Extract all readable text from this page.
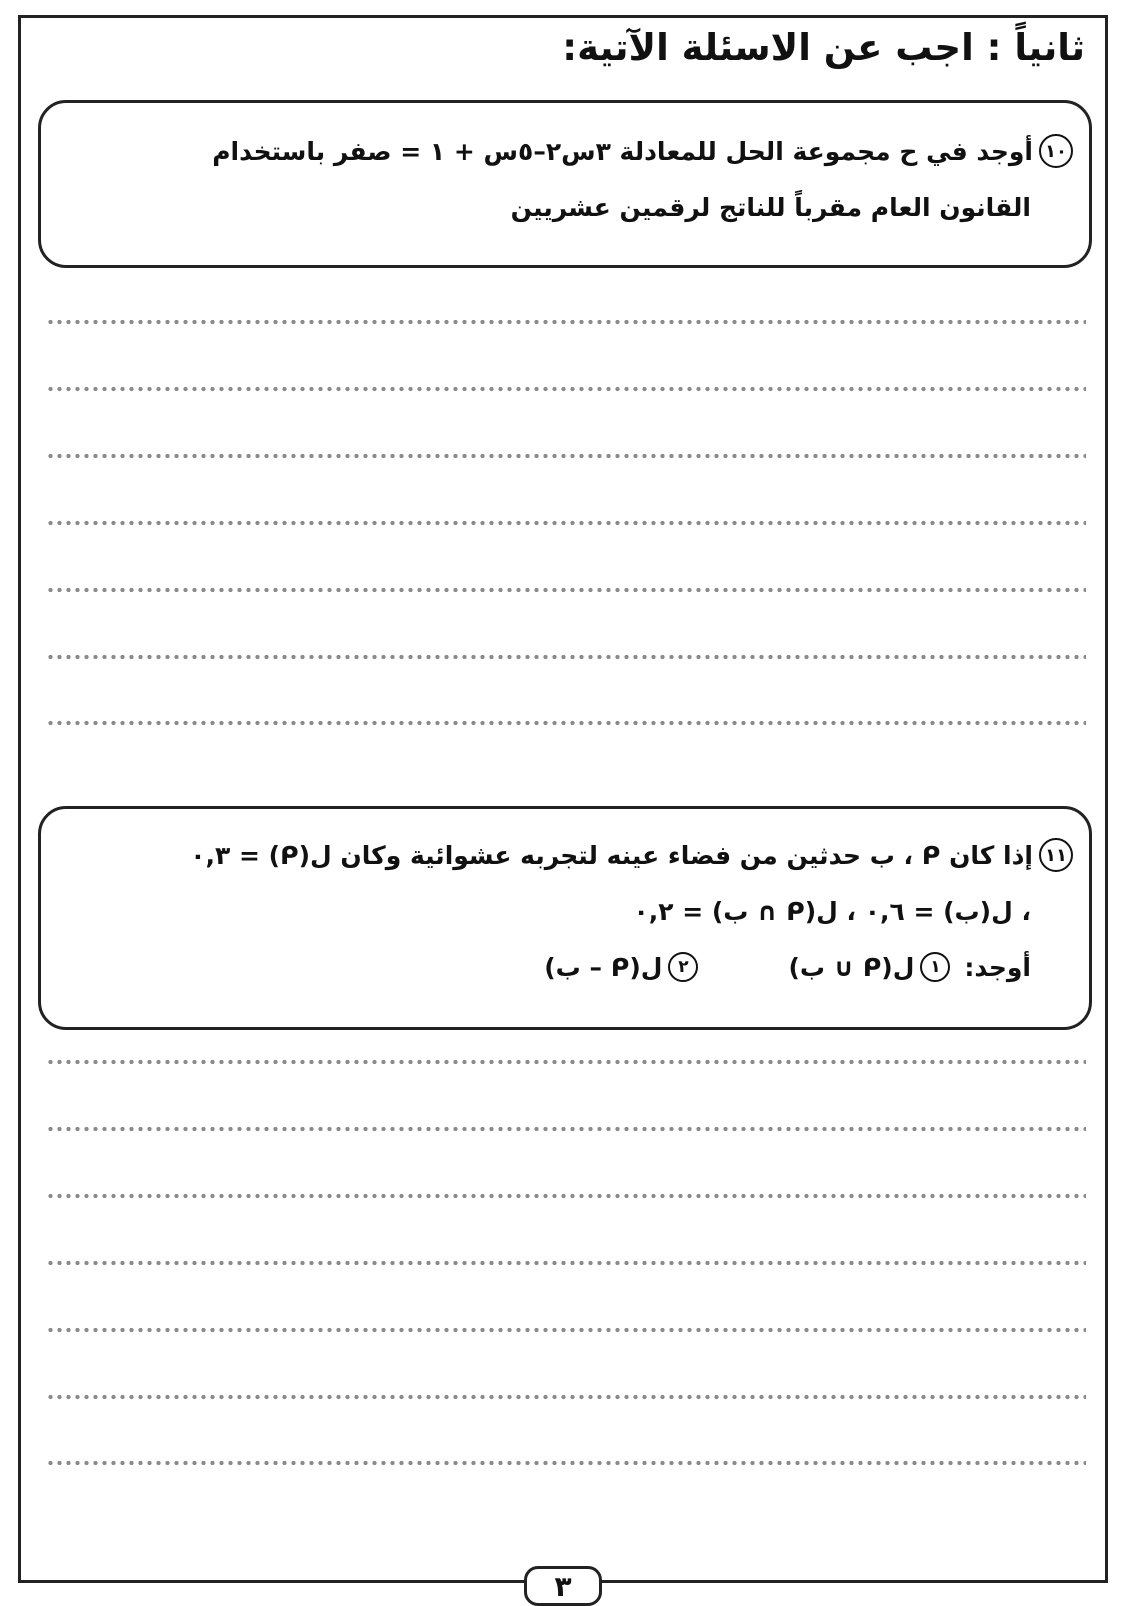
ثانياً : اجب عن الاسئلة الآتية:
١٠
أوجد في ح مجموعة الحل للمعادلة ٣س٢–٥س + ١ = صفر باستخدام
القانون العام مقرباً للناتج لرقمين عشريين
١١
إذا كان ᑭ ، ب حدثين من فضاء عينه لتجربه عشوائية وكان ل(ᑭ) = ٠,٣
، ل(ب) = ٠,٦ ، ل(ᑭ ∩ ب) = ٠,٢
أوجد:
١
ل(ᑭ ∪ ب)
٢
ل(ᑭ – ب)
٣
